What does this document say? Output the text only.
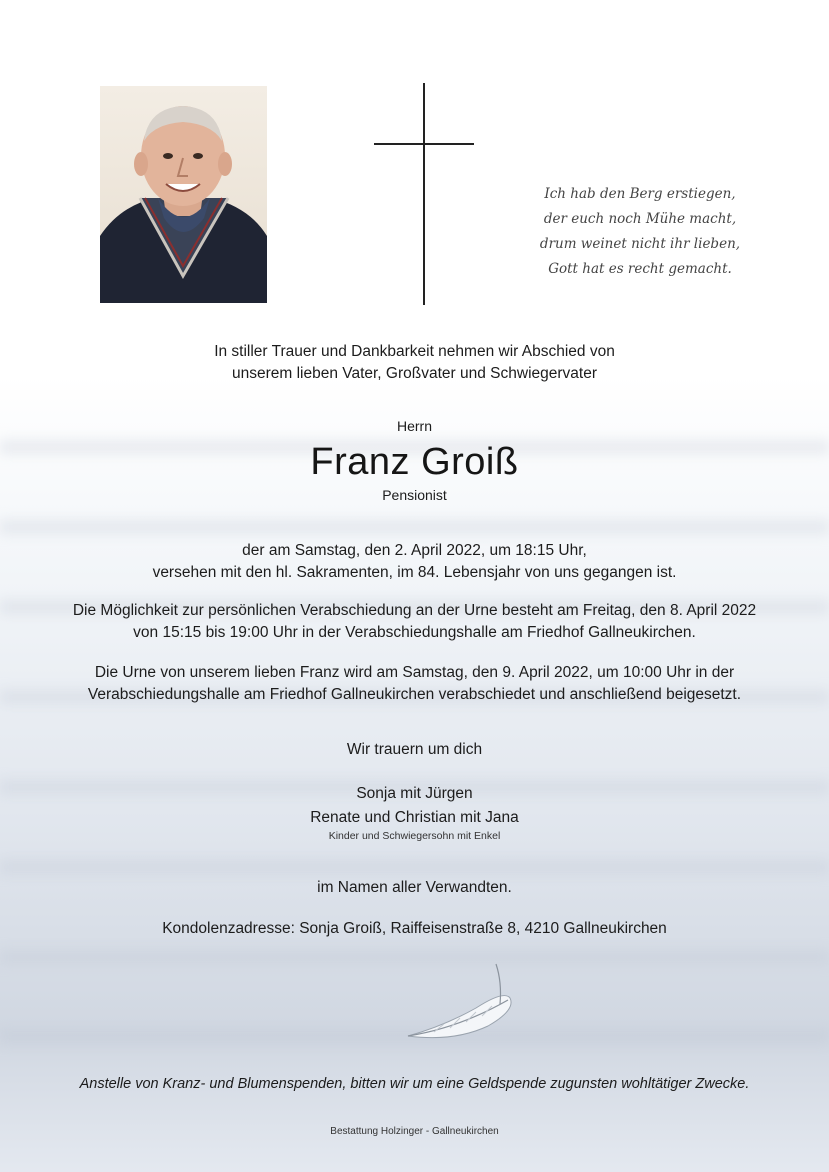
Ich hab den Berg erstiegen,
der euch noch Mühe macht,
drum weinet nicht ihr lieben,
Gott hat es recht gemacht.
In stiller Trauer und Dankbarkeit nehmen wir Abschied von
unserem lieben Vater, Großvater und Schwiegervater
Herrn
Franz Groiß
Pensionist
der am Samstag, den 2. April 2022, um 18:15 Uhr,
versehen mit den hl. Sakramenten, im 84. Lebensjahr von uns gegangen ist.
Die Möglichkeit zur persönlichen Verabschiedung an der Urne besteht am Freitag, den 8. April 2022
von 15:15 bis 19:00 Uhr in der Verabschiedungshalle am Friedhof Gallneukirchen.
Die Urne von unserem lieben Franz wird am Samstag, den 9. April 2022, um 10:00 Uhr in der
Verabschiedungshalle am Friedhof Gallneukirchen verabschiedet und anschließend beigesetzt.
Wir trauern um dich
Sonja mit Jürgen
Renate und Christian mit Jana
Kinder und Schwiegersohn mit Enkel
im Namen aller Verwandten.
Kondolenzadresse: Sonja Groiß, Raiffeisenstraße 8, 4210 Gallneukirchen
Anstelle von Kranz- und Blumenspenden, bitten wir um eine Geldspende zugunsten wohltätiger Zwecke.
Bestattung Holzinger - Gallneukirchen
